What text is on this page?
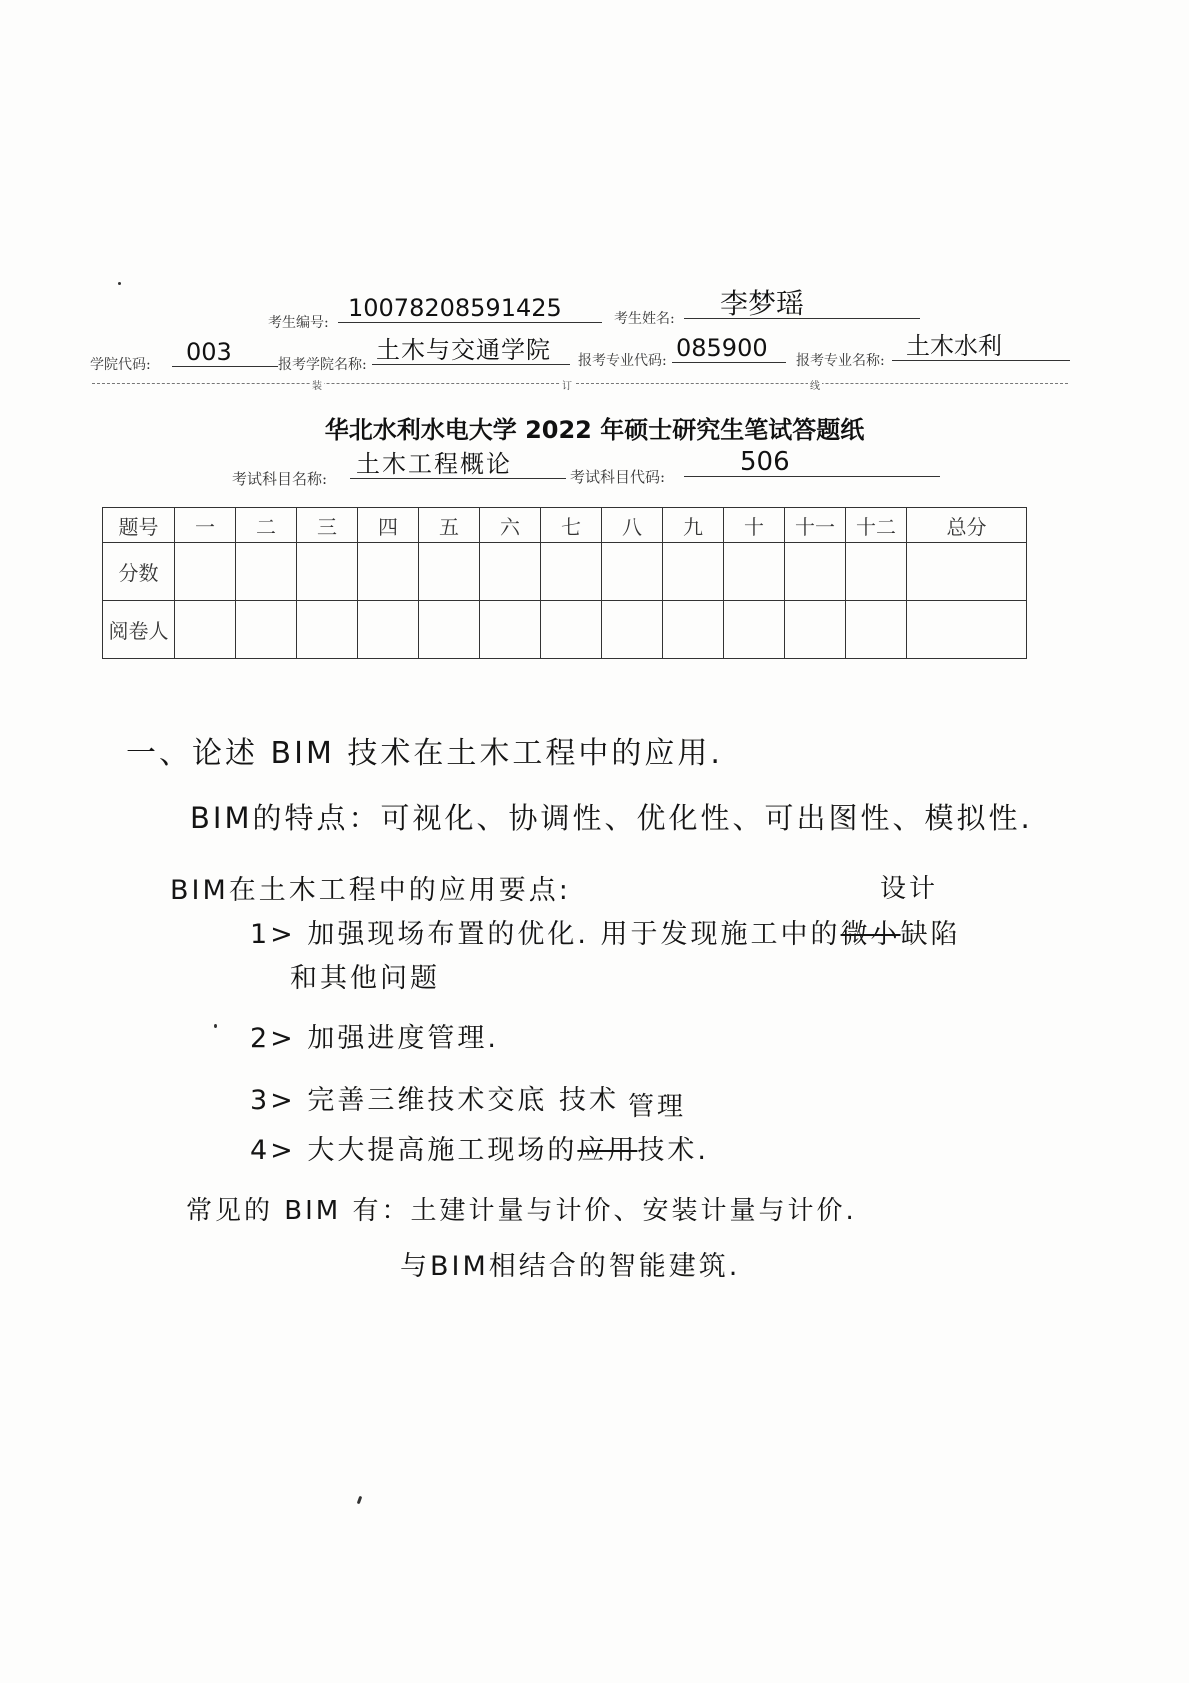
考生编号:
10078208591425	考生姓名:	李梦瑶
学院代码:	003	报考学院名称:
土木与交通学院	报考专业代码: 085900	报考专业名称:
土木水利
装	订	线
华北水利水电大学 2022 年硕士研究生笔试答题纸
考试科目名称:
土木工程概论	考试科目代码:	506
题号	一	二	三	四	五	六	七	八	九	十	十一	十二	总分
分数													
阅卷人													
一、论述 BIM 技术在土木工程中的应用.
BIM的特点：可视化、协调性、优化性、可出图性、模拟性.
BIM在土木工程中的应用要点:	设计
1> 加强现场布置的优化. 用于发现施工中的微小缺陷
和其他问题
2> 加强进度管理.
3> 完善三维技术交底 技术 管理
4> 大大提高施工现场的应用技术.
常见的 BIM 有：土建计量与计价、安装计量与计价.
与BIM相结合的智能建筑.
